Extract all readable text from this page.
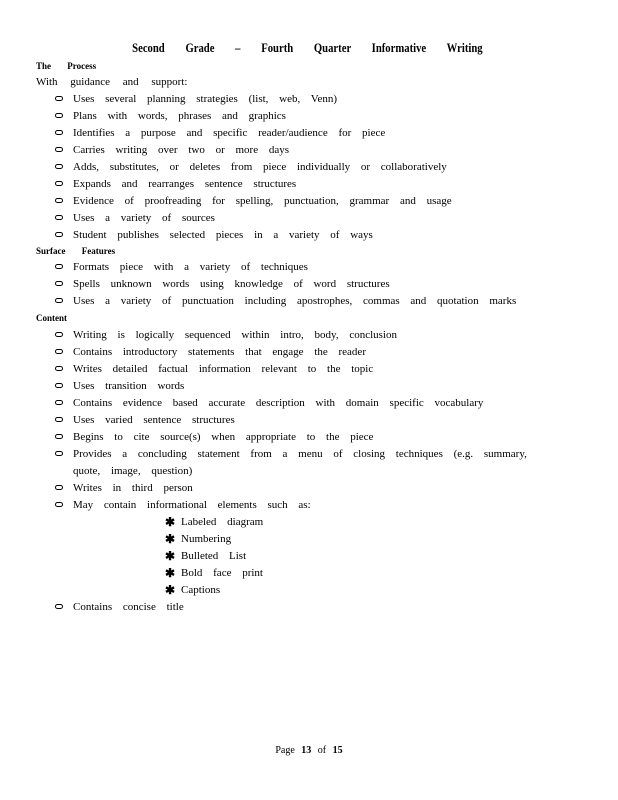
Second Grade – Fourth Quarter Informative Writing
The Process
With guidance and support:
Uses several planning strategies (list, web, Venn)
Plans with words, phrases and graphics
Identifies a purpose and specific reader/audience for piece
Carries writing over two or more days
Adds, substitutes, or deletes from piece individually or collaboratively
Expands and rearranges sentence structures
Evidence of proofreading for spelling, punctuation, grammar and usage
Uses a variety of sources
Student publishes selected pieces in a variety of ways
Surface Features
Formats piece with a variety of techniques
Spells unknown words using knowledge of word structures
Uses a variety of punctuation including apostrophes, commas and quotation marks
Content
Writing is logically sequenced within intro, body, conclusion
Contains introductory statements that engage the reader
Writes detailed factual information relevant to the topic
Uses transition words
Contains evidence based accurate description with domain specific vocabulary
Uses varied sentence structures
Begins to cite source(s) when appropriate to the piece
Provides a concluding statement from a menu of closing techniques (e.g. summary, quote, image, question)
Writes in third person
May contain informational elements such as:
✱ Labeled diagram
✱ Numbering
✱ Bulleted List
✱ Bold face print
✱ Captions
Contains concise title
Page 13 of 15
